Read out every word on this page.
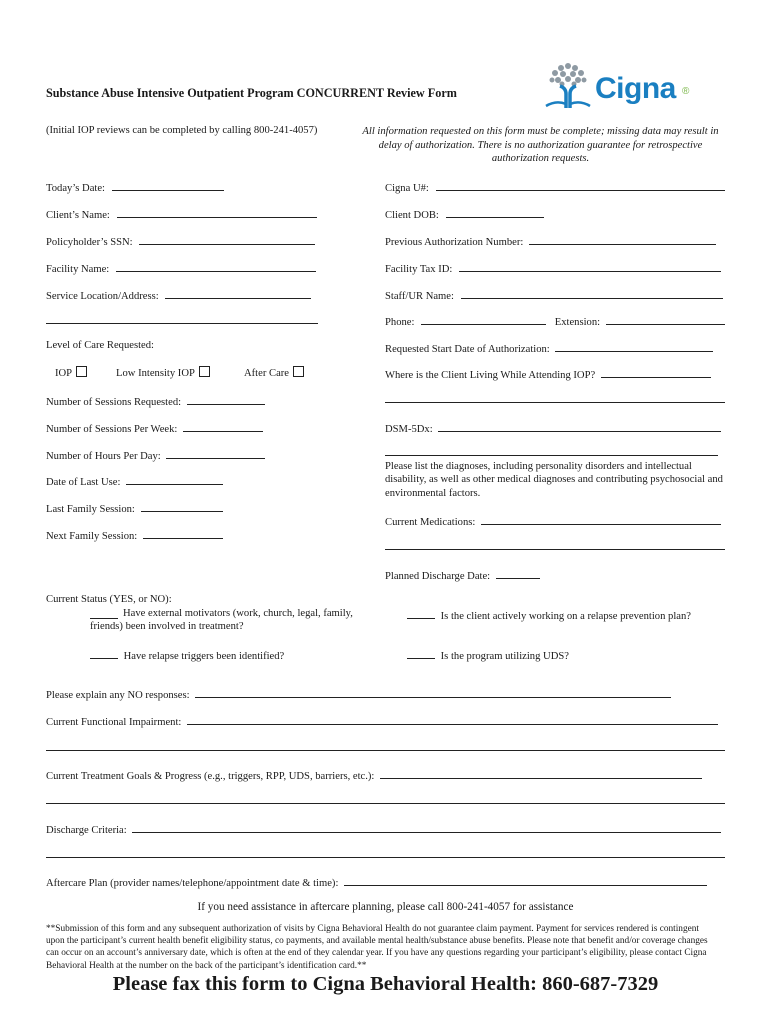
Substance Abuse Intensive Outpatient Program CONCURRENT Review Form	Cigna ®
(Initial IOP reviews can be completed by calling 800-241-4057)	All information requested on this form must be complete; missing data may result in delay of authorization. There is no authorization guarantee for retrospective authorization requests.
Today’s Date:
Client’s Name:
Policyholder’s SSN:
Facility Name:
Service Location/Address:
Level of Care Requested:
IOP	Low Intensity IOP	After Care
Number of Sessions Requested:
Number of Sessions Per Week:
Number of Hours Per Day:
Date of Last Use:
Last Family Session:
Next Family Session:
Cigna U#:
Client DOB:
Previous Authorization Number:
Facility Tax ID:
Staff/UR Name:
Phone:	Extension:
Requested Start Date of Authorization:
Where is the Client Living While Attending IOP?
DSM-5Dx:
Please list the diagnoses, including personality disorders and intellectual disability, as well as other medical diagnoses and contributing psychosocial and environmental factors.
Current Medications:
Planned Discharge Date:
Current Status (YES, or NO):
Have external motivators (work, church, legal, family, friends) been involved in treatment?
Have relapse triggers been identified?
Is the client actively working on a relapse prevention plan?
Is the program utilizing UDS?
Please explain any NO responses:
Current Functional Impairment:
Current Treatment Goals & Progress (e.g., triggers, RPP, UDS, barriers, etc.):
Discharge Criteria:
Aftercare Plan (provider names/telephone/appointment date & time):
If you need assistance in aftercare planning, please call 800-241-4057 for assistance
**Submission of this form and any subsequent authorization of visits by Cigna Behavioral Health do not guarantee claim payment. Payment for services rendered is contingent upon the participant’s current health benefit eligibility status, co payments, and available mental health/substance abuse benefits. Please note that benefit and/or coverage changes can occur on an account’s anniversary date, which is often at the end of they calendar year. If you have any questions regarding your participant’s eligibility, please contact Cigna Behavioral Health at the number on the back of the participant’s identification card.**
Please fax this form to Cigna Behavioral Health: 860-687-7329
